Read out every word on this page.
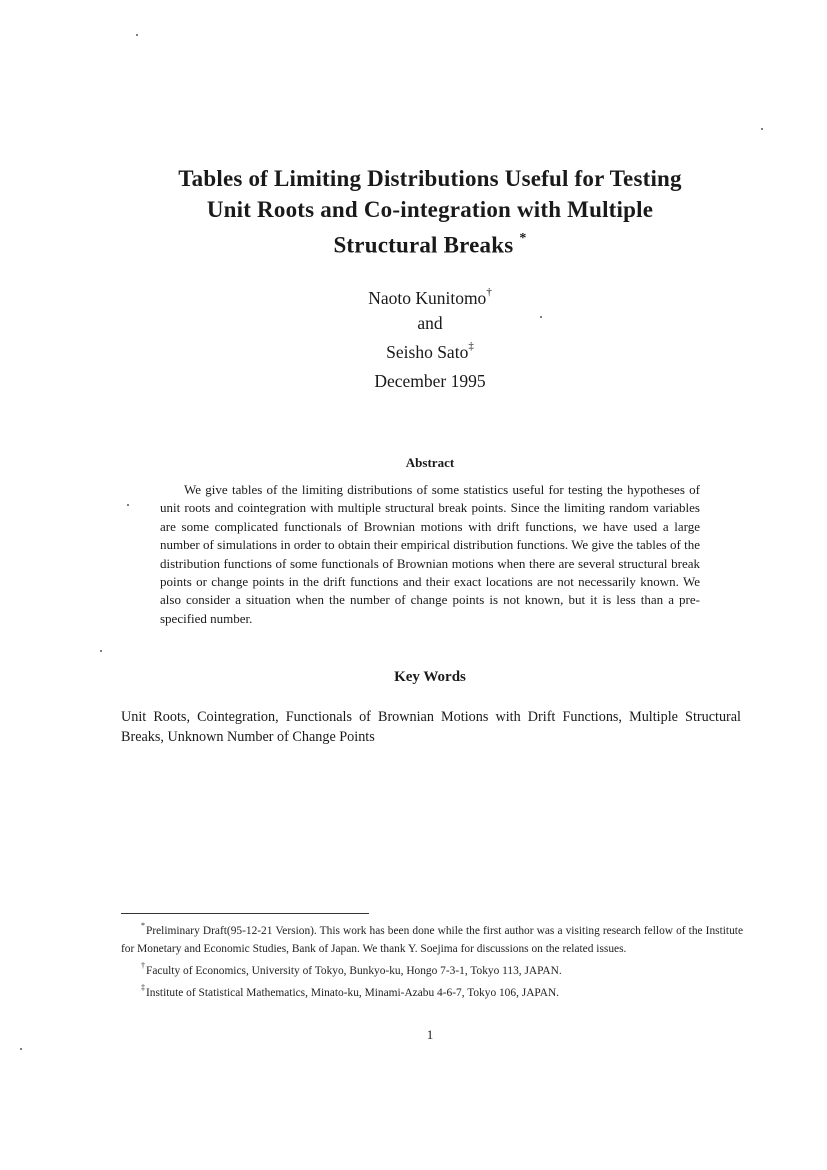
Tables of Limiting Distributions Useful for Testing
Unit Roots and Co-integration with Multiple
Structural Breaks *
Naoto Kunitomo†
and
Seisho Sato‡
December 1995
Abstract
We give tables of the limiting distributions of some statistics useful for testing the hypotheses of unit roots and cointegration with multiple structural break points. Since the limiting random variables are some complicated functionals of Brownian motions with drift functions, we have used a large number of simulations in order to obtain their empirical distribution functions. We give the tables of the distribution functions of some functionals of Brownian motions when there are several structural break points or change points in the drift functions and their exact locations are not necessarily known. We also consider a situation when the number of change points is not known, but it is less than a pre-specified number.
Key Words
Unit Roots, Cointegration, Functionals of Brownian Motions with Drift Functions, Multiple Structural Breaks, Unknown Number of Change Points
*Preliminary Draft(95-12-21 Version). This work has been done while the first author was a visiting research fellow of the Institute for Monetary and Economic Studies, Bank of Japan. We thank Y. Soejima for discussions on the related issues.
†Faculty of Economics, University of Tokyo, Bunkyo-ku, Hongo 7-3-1, Tokyo 113, JAPAN.
‡Institute of Statistical Mathematics, Minato-ku, Minami-Azabu 4-6-7, Tokyo 106, JAPAN.
1
